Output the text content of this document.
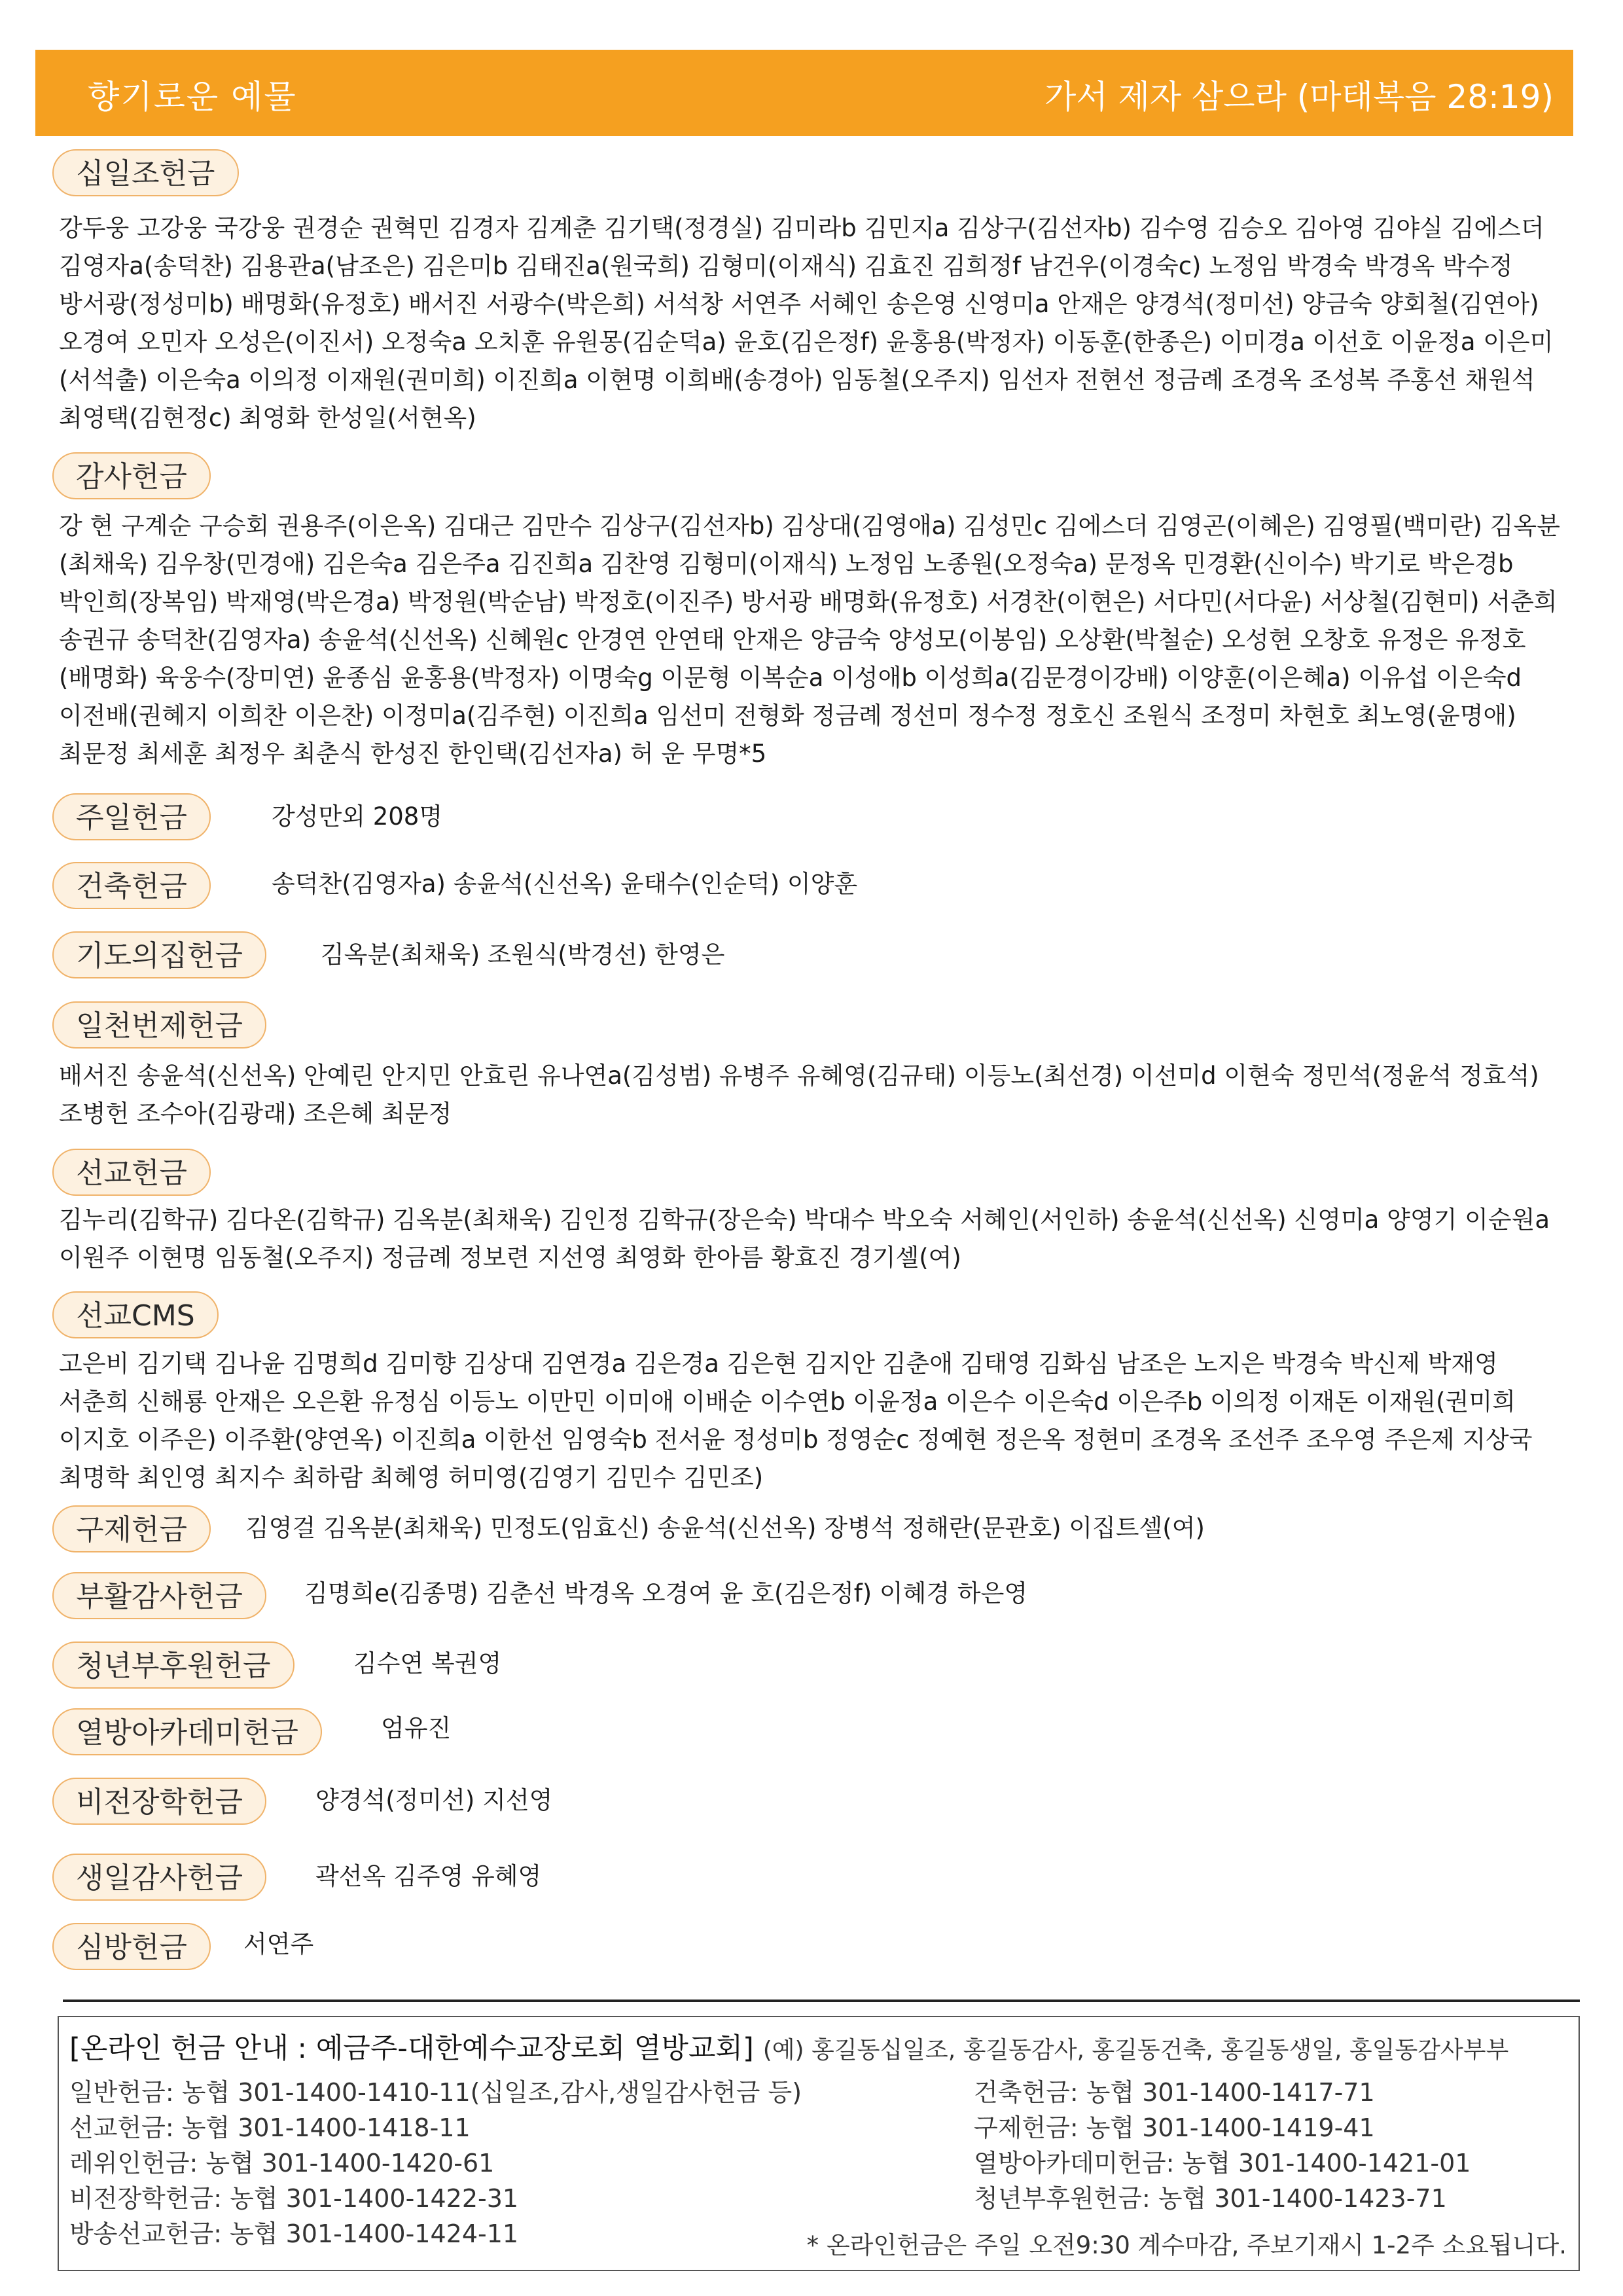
향기로운 예물	가서 제자 삼으라 (마태복음 28:19)
십일조헌금
강두웅 고강웅 국강웅 권경순 권혁민 김경자 김계춘 김기택(정경실) 김미라b 김민지a 김상구(김선자b) 김수영 김승오 김아영 김야실 김에스더 김영자a(송덕찬) 김용관a(남조은) 김은미b 김태진a(원국희) 김형미(이재식) 김효진 김희정f 남건우(이경숙c) 노정임 박경숙 박경옥 박수정 방서광(정성미b) 배명화(유정호) 배서진 서광수(박은희) 서석창 서연주 서혜인 송은영 신영미a 안재은 양경석(정미선) 양금숙 양회철(김연아) 오경여 오민자 오성은(이진서) 오정숙a 오치훈 유원몽(김순덕a) 윤호(김은정f) 윤홍용(박정자) 이동훈(한종은) 이미경a 이선호 이윤정a 이은미(서석출) 이은숙a 이의정 이재원(권미희) 이진희a 이현명 이희배(송경아) 임동철(오주지) 임선자 전현선 정금례 조경옥 조성복 주홍선 채원석 최영택(김현정c) 최영화 한성일(서현옥)
감사헌금
강 현 구계순 구승회 권용주(이은옥) 김대근 김만수 김상구(김선자b) 김상대(김영애a) 김성민c 김에스더 김영곤(이혜은) 김영필(백미란) 김옥분(최채욱) 김우창(민경애) 김은숙a 김은주a 김진희a 김찬영 김형미(이재식) 노정임 노종원(오정숙a) 문정옥 민경환(신이수) 박기로 박은경b 박인희(장복임) 박재영(박은경a) 박정원(박순남) 박정호(이진주) 방서광 배명화(유정호) 서경찬(이현은) 서다민(서다윤) 서상철(김현미) 서춘희 송권규 송덕찬(김영자a) 송윤석(신선옥) 신혜원c 안경연 안연태 안재은 양금숙 양성모(이봉임) 오상환(박철순) 오성현 오창호 유정은 유정호(배명화) 육웅수(장미연) 윤종심 윤홍용(박정자) 이명숙g 이문형 이복순a 이성애b 이성희a(김문경이강배) 이양훈(이은혜a) 이유섭 이은숙d 이전배(권혜지 이희찬 이은찬) 이정미a(김주현) 이진희a 임선미 전형화 정금례 정선미 정수정 정호신 조원식 조정미 차현호 최노영(윤명애) 최문정 최세훈 최정우 최춘식 한성진 한인택(김선자a) 허 운 무명*5
주일헌금	강성만외 208명
건축헌금	송덕찬(김영자a) 송윤석(신선옥) 윤태수(인순덕) 이양훈
기도의집헌금	김옥분(최채욱) 조원식(박경선) 한영은
일천번제헌금
배서진 송윤석(신선옥) 안예린 안지민 안효린 유나연a(김성범) 유병주 유혜영(김규태) 이등노(최선경) 이선미d 이현숙 정민석(정윤석 정효석) 조병헌 조수아(김광래) 조은혜 최문정
선교헌금
김누리(김학규) 김다온(김학규) 김옥분(최채욱) 김인정 김학규(장은숙) 박대수 박오숙 서혜인(서인하) 송윤석(신선옥) 신영미a 양영기 이순원a 이원주 이현명 임동철(오주지) 정금례 정보련 지선영 최영화 한아름 황효진 경기셀(여)
선교CMS
고은비 김기택 김나윤 김명희d 김미향 김상대 김연경a 김은경a 김은현 김지안 김춘애 김태영 김화심 남조은 노지은 박경숙 박신제 박재영 서춘희 신해룡 안재은 오은환 유정심 이등노 이만민 이미애 이배순 이수연b 이윤정a 이은수 이은숙d 이은주b 이의정 이재돈 이재원(권미희 이지호 이주은) 이주환(양연옥) 이진희a 이한선 임영숙b 전서윤 정성미b 정영순c 정예현 정은옥 정현미 조경옥 조선주 조우영 주은제 지상국 최명학 최인영 최지수 최하람 최혜영 허미영(김영기 김민수 김민조)
구제헌금	김영걸 김옥분(최채욱) 민정도(임효신) 송윤석(신선옥) 장병석 정해란(문관호) 이집트셀(여)
부활감사헌금	김명희e(김종명) 김춘선 박경옥 오경여 윤 호(김은정f) 이혜경 하은영
청년부후원헌금	김수연 복권영
열방아카데미헌금	엄유진
비전장학헌금	양경석(정미선) 지선영
생일감사헌금	곽선옥 김주영 유혜영
심방헌금	서연주
[온라인 헌금 안내 : 예금주-대한예수교장로회 열방교회] (예) 홍길동십일조, 홍길동감사, 홍길동건축, 홍길동생일, 홍일동감사부부
일반헌금: 농협 301-1400-1410-11(십일조,감사,생일감사헌금 등)
선교헌금: 농협 301-1400-1418-11
레위인헌금: 농협 301-1400-1420-61
비전장학헌금: 농협 301-1400-1422-31
방송선교헌금: 농협 301-1400-1424-11
건축헌금: 농협 301-1400-1417-71
구제헌금: 농협 301-1400-1419-41
열방아카데미헌금: 농협 301-1400-1421-01
청년부후원헌금: 농협 301-1400-1423-71
* 온라인헌금은 주일 오전9:30 계수마감, 주보기재시 1-2주 소요됩니다.
